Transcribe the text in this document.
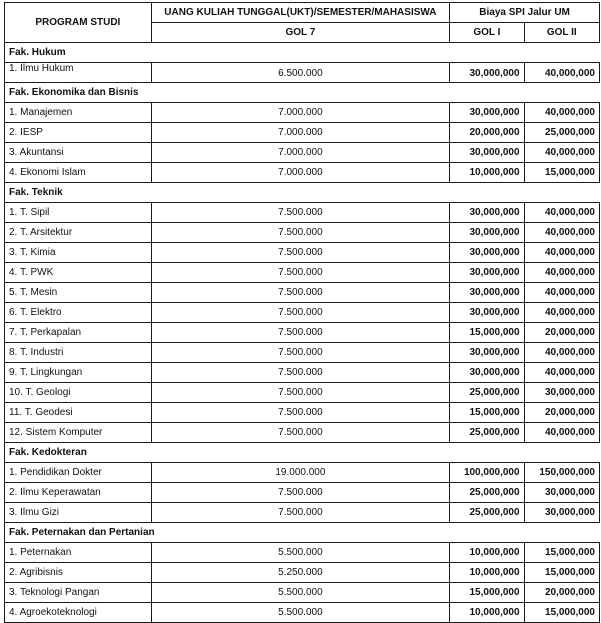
PROGRAM STUDI	UANG KULIAH TUNGGAL(UKT)/SEMESTER/MAHASISWA	Biaya SPI Jalur UM	
	GOL 7	GOL I	GOL II
Fak. Hukum			
1. Ilmu Hukum	6.500.000	30,000,000	40,000,000
Fak. Ekonomika dan Bisnis			
1. Manajemen	7.000.000	30,000,000	40,000,000
2. IESP	7.000.000	20,000,000	25,000,000
3. Akuntansi	7.000.000	30,000,000	40,000,000
4. Ekonomi Islam	7.000.000	10,000,000	15,000,000
Fak. Teknik			
1. T. Sipil	7.500.000	30,000,000	40,000,000
2. T. Arsitektur	7.500.000	30,000,000	40,000,000
3. T. Kimia	7.500.000	30,000,000	40,000,000
4. T. PWK	7.500.000	30,000,000	40,000,000
5. T. Mesin	7.500.000	30,000,000	40,000,000
6. T. Elektro	7.500.000	30,000,000	40,000,000
7. T. Perkapalan	7.500.000	15,000,000	20,000,000
8. T. Industri	7.500.000	30,000,000	40,000,000
9. T. Lingkungan	7.500.000	30,000,000	40,000,000
10. T. Geologi	7.500.000	25,000,000	30,000,000
11. T. Geodesi	7.500.000	15,000,000	20,000,000
12. Sistem Komputer	7.500.000	25,000,000	40,000,000
Fak. Kedokteran			
1. Pendidikan Dokter	19.000.000	100,000,000	150,000,000
2. Ilmu Keperawatan	7.500.000	25,000,000	30,000,000
3. Ilmu Gizi	7.500.000	25,000,000	30,000,000
Fak. Peternakan dan Pertanian			
1. Peternakan	5.500.000	10,000,000	15,000,000
2. Agribisnis	5.250.000	10,000,000	15,000,000
3. Teknologi Pangan	5.500.000	15,000,000	20,000,000
4. Agroekoteknologi	5.500.000	10,000,000	15,000,000
